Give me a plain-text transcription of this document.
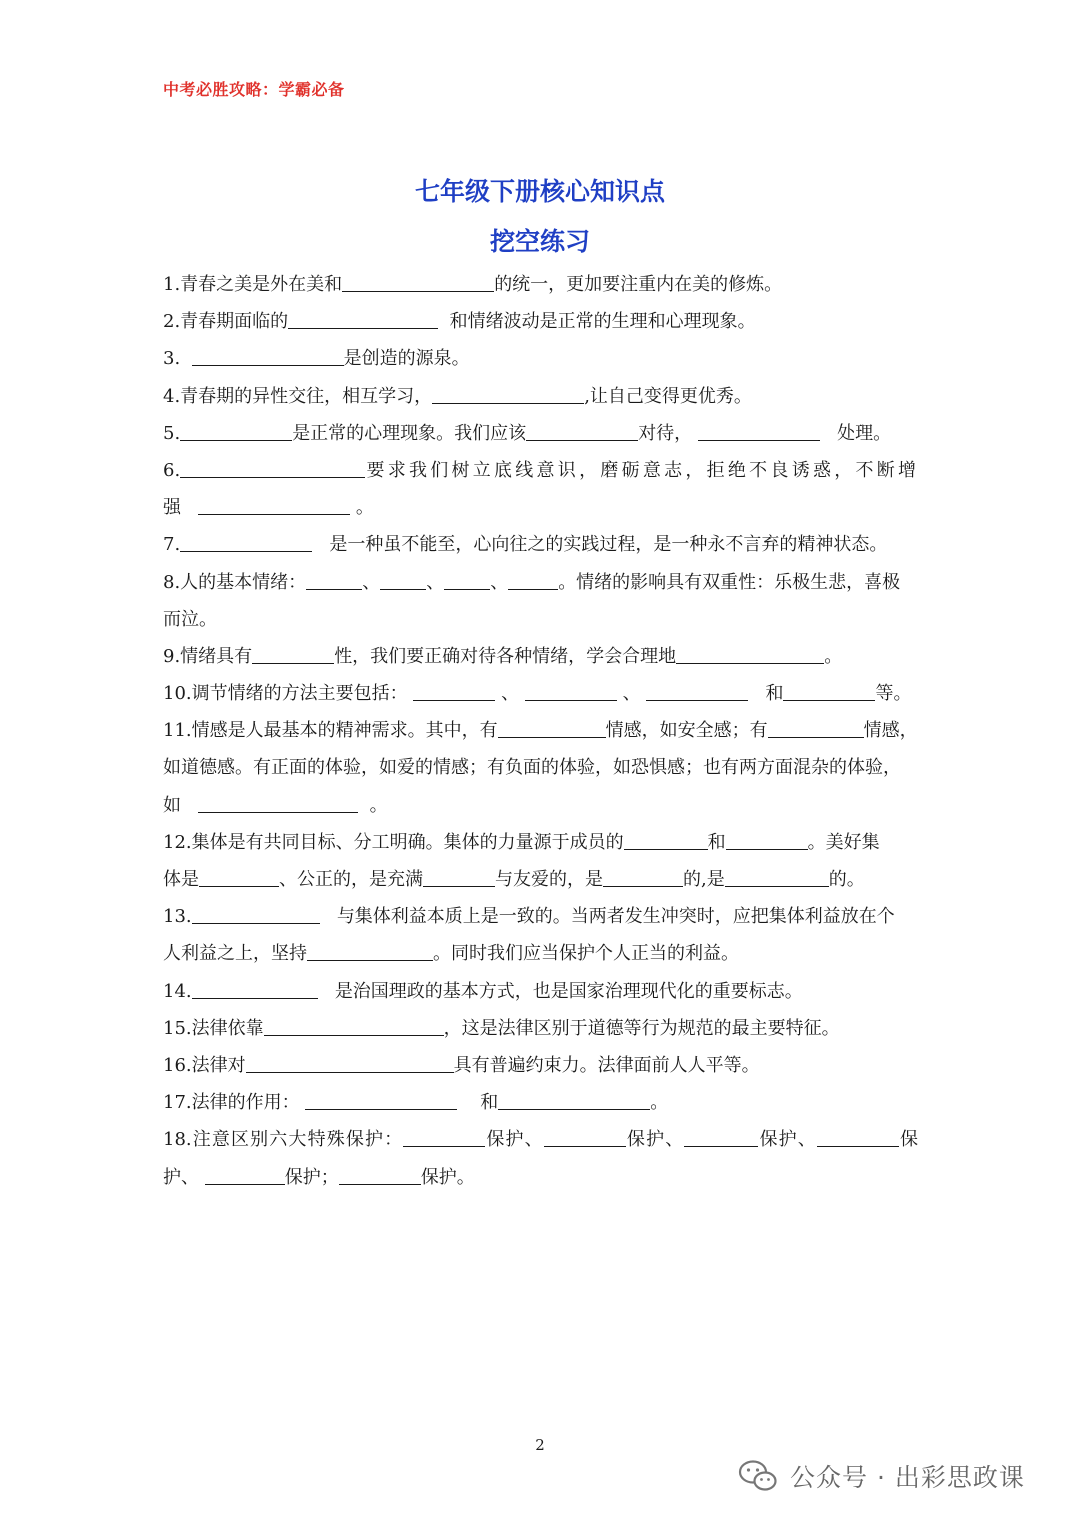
中考必胜攻略：学霸必备
七年级下册核心知识点
挖空练习
1.青春之美是外在美和	的统一，更加要注重内在美的修炼。
2.青春期面临的	和情绪波动是正常的生理和心理现象。
3.	是创造的源泉。
4.青春期的异性交往，相互学习，	,让自己变得更优秀。
5.	是正常的心理现象。我们应该	对待，	处理。
6.	要求我们树立底线意识，磨砺意志，拒绝不良诱惑，不断增
强	。
7.	是一种虽不能至，心向往之的实践过程，是一种永不言弃的精神状态。
8.人的基本情绪：	、	、	、	。情绪的影响具有双重性：乐极生悲，喜极
而泣。
9.情绪具有	性，我们要正确对待各种情绪，学会合理地	。
10.调节情绪的方法主要包括：	、	、	和	等。
11.情感是人最基本的精神需求。其中，有	情感，如安全感；有	情感，
如道德感。有正面的体验，如爱的情感；有负面的体验，如恐惧感；也有两方面混杂的体验，
如	。
12.集体是有共同目标、分工明确。集体的力量源于成员的	和	。美好集
体是	、公正的，是充满	与友爱的，是	的,是	的。
13.	与集体利益本质上是一致的。当两者发生冲突时，应把集体利益放在个
人利益之上，坚持	。同时我们应当保护个人正当的利益。
14.	是治国理政的基本方式，也是国家治理现代化的重要标志。
15.法律依靠	，这是法律区别于道德等行为规范的最主要特征。
16.法律对	具有普遍约束力。法律面前人人平等。
17.法律的作用：	和	。
18.注意区别六大特殊保护：	保护、	保护、	保护、	保
护、	保护；	保护。
2
公众号 · 出彩思政课
